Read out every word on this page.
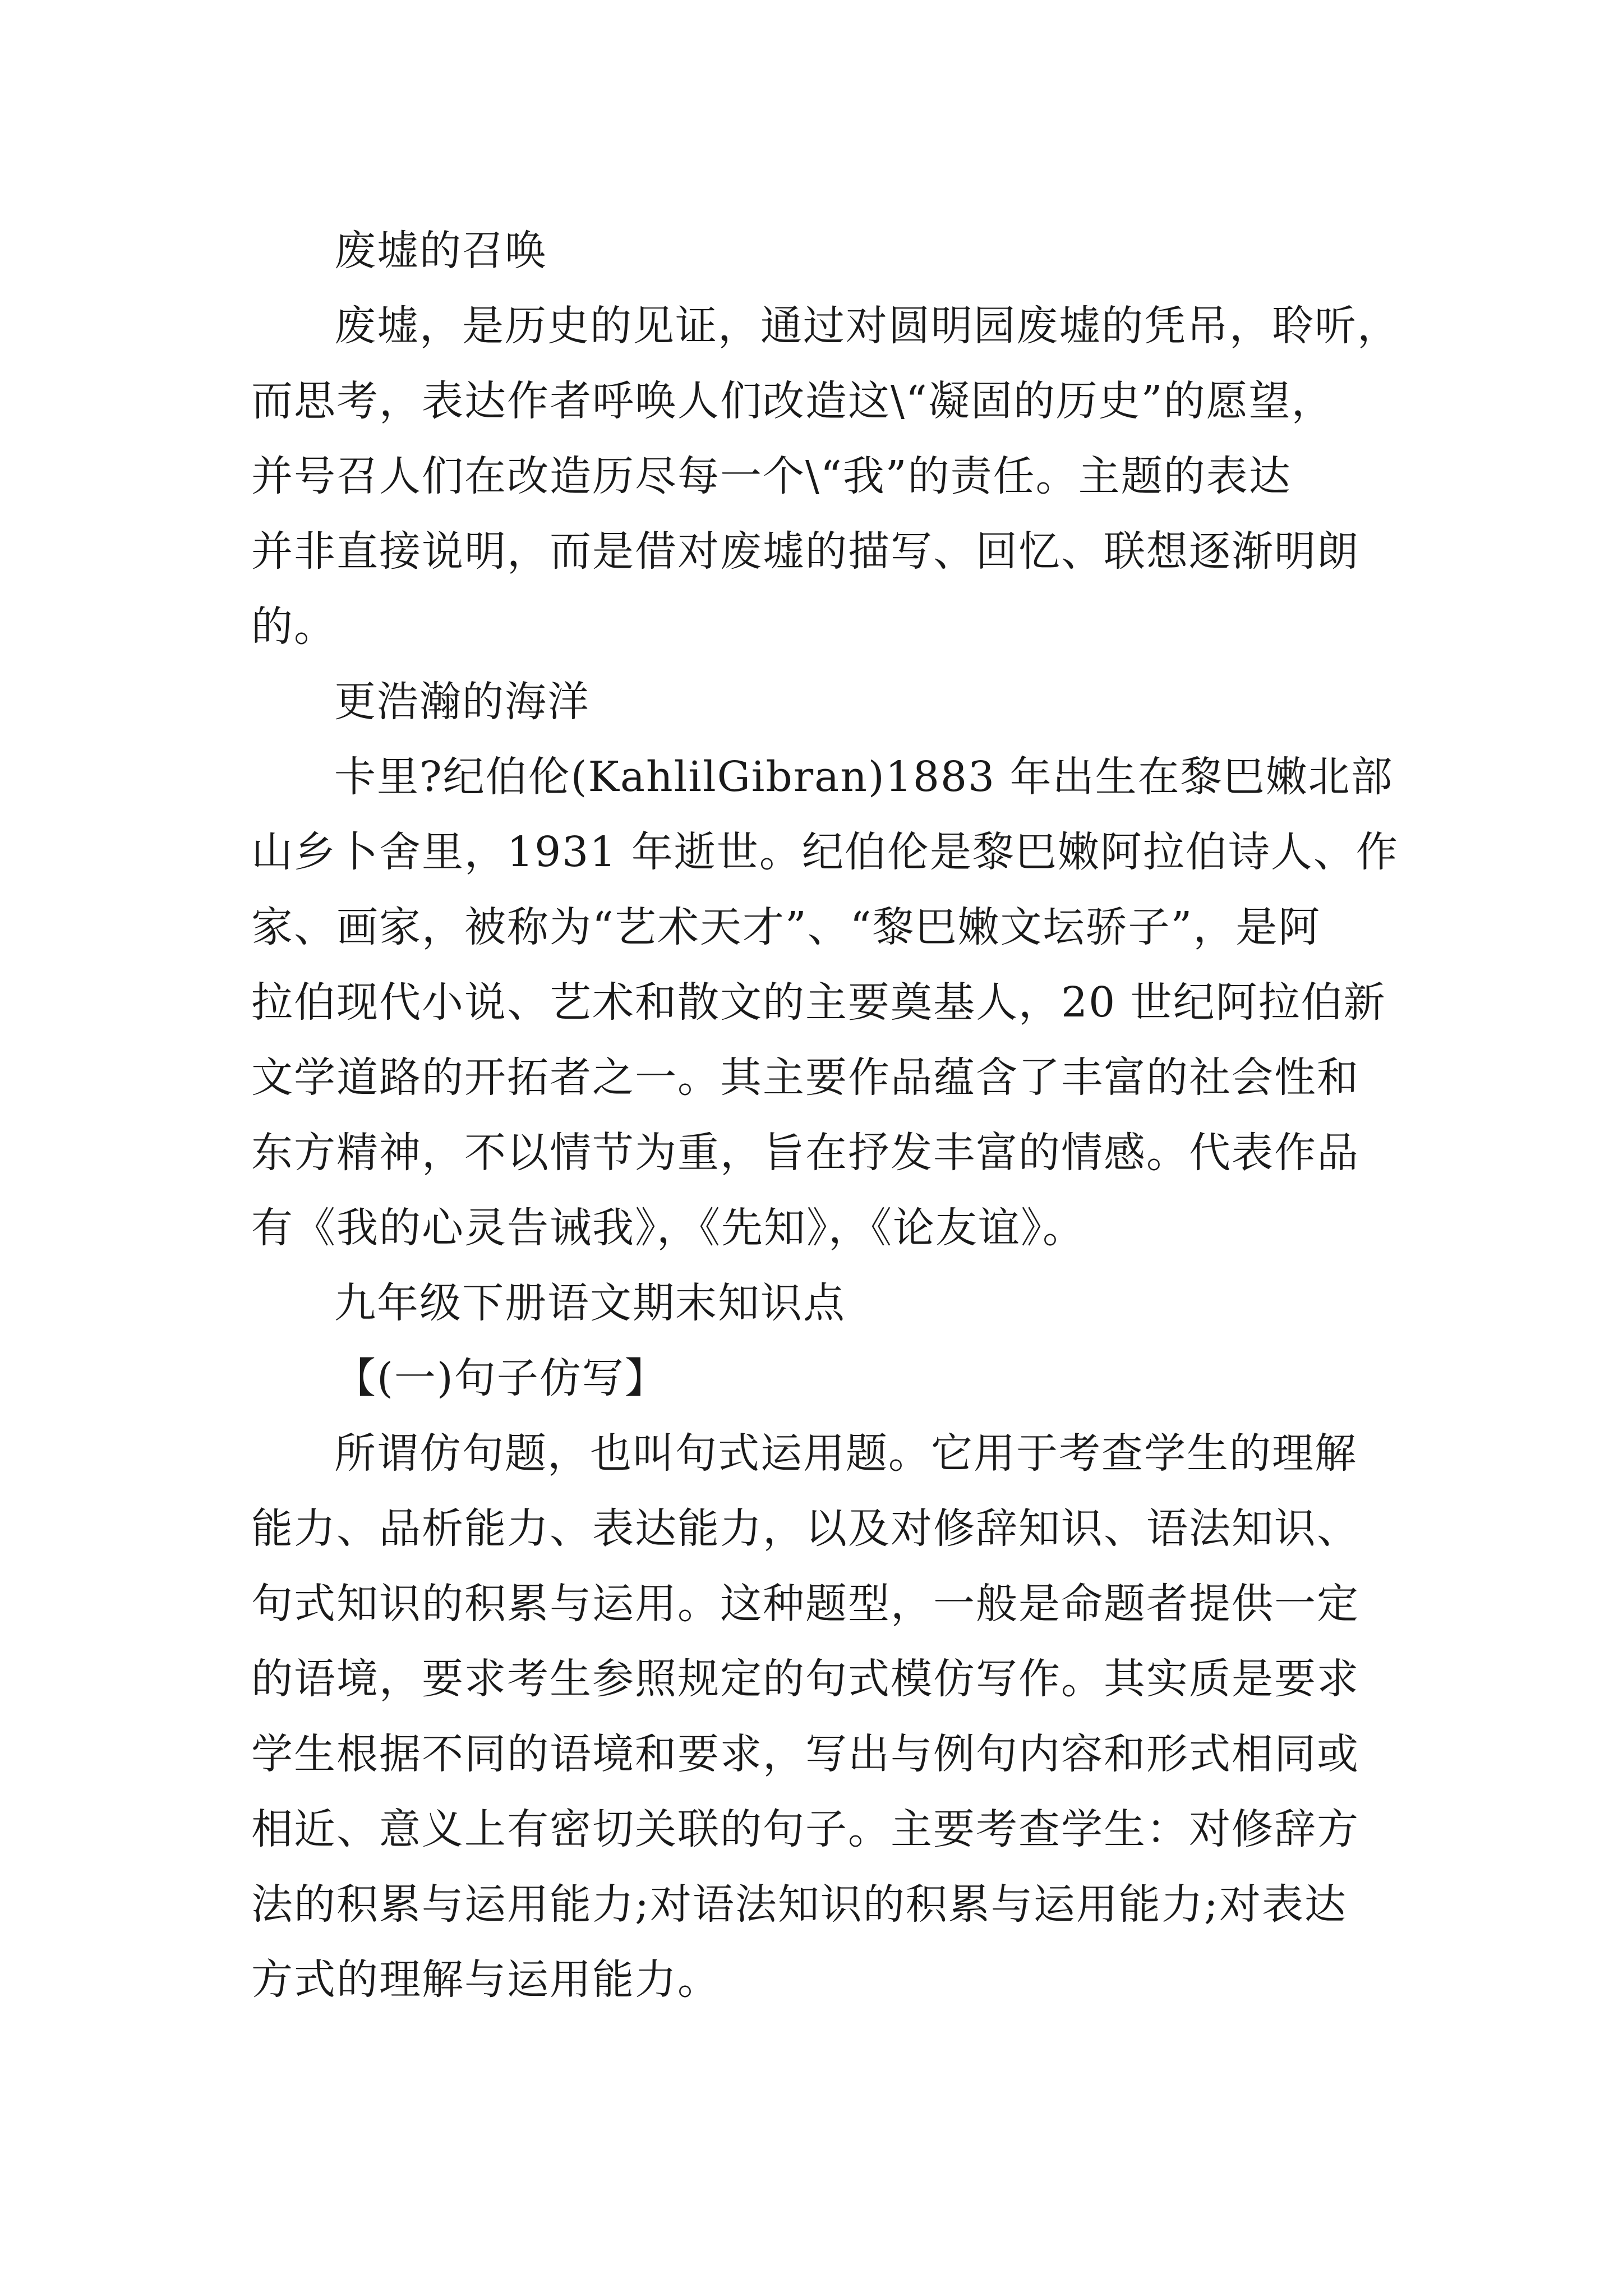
废墟的召唤
废墟，是历史的见证，通过对圆明园废墟的凭吊，聆听，
而思考，表达作者呼唤人们改造这\“凝固的历史”的愿望，
并号召人们在改造历尽每一个\“我”的责任。主题的表达
并非直接说明，而是借对废墟的描写、回忆、联想逐渐明朗
的。
更浩瀚的海洋
卡里?纪伯伦(KahlilGibran)1883 年出生在黎巴嫩北部
山乡卜舍里，1931 年逝世。纪伯伦是黎巴嫩阿拉伯诗人、作
家、画家，被称为“艺术天才”、“黎巴嫩文坛骄子”，是阿
拉伯现代小说、艺术和散文的主要奠基人，20 世纪阿拉伯新
文学道路的开拓者之一。其主要作品蕴含了丰富的社会性和
东方精神，不以情节为重，旨在抒发丰富的情感。代表作品
有《我的心灵告诫我》，《先知》，《论友谊》。
九年级下册语文期末知识点
【(一)句子仿写】
所谓仿句题，也叫句式运用题。它用于考查学生的理解
能力、品析能力、表达能力，以及对修辞知识、语法知识、
句式知识的积累与运用。这种题型，一般是命题者提供一定
的语境，要求考生参照规定的句式模仿写作。其实质是要求
学生根据不同的语境和要求，写出与例句内容和形式相同或
相近、意义上有密切关联的句子。主要考查学生：对修辞方
法的积累与运用能力;对语法知识的积累与运用能力;对表达
方式的理解与运用能力。
